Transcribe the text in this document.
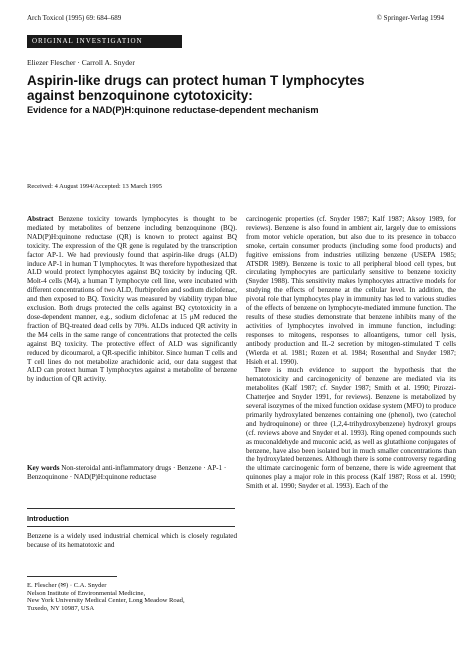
Arch Toxicol (1995) 69: 684–689	© Springer-Verlag 1994
ORIGINAL INVESTIGATION
Eliezer Flescher · Carroll A. Snyder
Aspirin-like drugs can protect human T lymphocytes
against benzoquinone cytotoxicity:
Evidence for a NAD(P)H:quinone reductase-dependent mechanism
Received: 4 August 1994/Accepted: 13 March 1995

Abstract Benzene toxicity towards lymphocytes is thought to be mediated by metabolites of benzene including benzoquinone (BQ). NAD(P)H:quinone reductase (QR) is known to protect against BQ toxicity. The expression of the QR gene is regulated by the transcription factor AP-1. We had previously found that aspirin-like drugs (ALD) induce AP-1 in human T lymphocytes. It was therefore hypothesized that ALD would protect lymphocytes against BQ toxicity by inducing QR. Molt-4 cells (M4), a human T lymphocyte cell line, were incubated with different concentrations of two ALD, flurbiprofen and sodium diclofenac, and then exposed to BQ. Toxicity was measured by viability trypan blue exclusion. Both drugs protected the cells against BQ cytotoxicity in a dose-dependent manner, e.g., sodium diclofenac at 15 μM reduced the fraction of BQ-treated dead cells by 70%. ALDs induced QR activity in the M4 cells in the same range of concentrations that protected the cells against BQ toxicity. The protective effect of ALD was significantly reduced by dicoumarol, a QR-specific inhibitor. Since human T cells and T cell lines do not metabolize arachidonic acid, our data suggest that ALD can protect human T lymphocytes against a metabolite of benzene by induction of QR activity.

Key words Non-steroidal anti-inflammatory drugs · Benzene · AP-1 · Benzoquinone · NAD(P)H:quinone reductase
Introduction
Benzene is a widely used industrial chemical which is closely regulated because of its hematotoxic and
E. Flescher (✉) · C.A. Snyder
Nelson Institute of Environmental Medicine,
New York University Medical Center, Long Meadow Road,
Tuxedo, NY 10987, USA

carcinogenic properties (cf. Snyder 1987; Kalf 1987; Aksoy 1989, for reviews). Benzene is also found in ambient air, largely due to emissions from motor vehicle operation, but also due to its presence in tobacco smoke, certain consumer products (including some food products) and fugitive emissions from industries utilizing benzene (USEPA 1985; ATSDR 1989). Benzene is toxic to all peripheral blood cell types, but circulating lymphocytes are particularly sensitive to benzene toxicity (Snyder 1988). This sensitivity makes lymphocytes attractive models for studying the effects of benzene at the cellular level. In addition, the pivotal role that lymphocytes play in immunity has led to various studies of the effects of benzene on lymphocyte-mediated immune function. The results of these studies demonstrate that benzene inhibits many of the activities of lymphocytes involved in immune function, including: responses to mitogens, responses to alloantigens, tumor cell lysis, antibody production and IL-2 secretion by mitogen-stimulated T cells (Wierda et al. 1981; Rozen et al. 1984; Rosenthal and Snyder 1987; Hsieh et al. 1990).

There is much evidence to support the hypothesis that the hematotoxicity and carcinogenicity of benzene are mediated via its metabolites (Kalf 1987; cf. Snyder 1987; Smith et al. 1990; Pirozzi-Chatterjee and Snyder 1991, for reviews). Benzene is metabolized by several isozymes of the mixed function oxidase system (MFO) to produce primarily hydroxylated benzenes containing one (phenol), two (catechol and hydroquinone) or three (1,2,4-trihydroxybenzene) hydroxyl groups (cf. reviews above and Snyder et al. 1993). Ring opened compounds such as muconaldehyde and muconic acid, as well as glutathione conjugates of benzene, have also been isolated but in much smaller concentrations than the hydroxylated benzenes. Although there is some controversy regarding the ultimate carcinogenic form of benzene, there is wide agreement that quinones play a major role in this process (Kalf 1987; Ross et al. 1990; Smith et al. 1990; Snyder et al. 1993). Each of the
